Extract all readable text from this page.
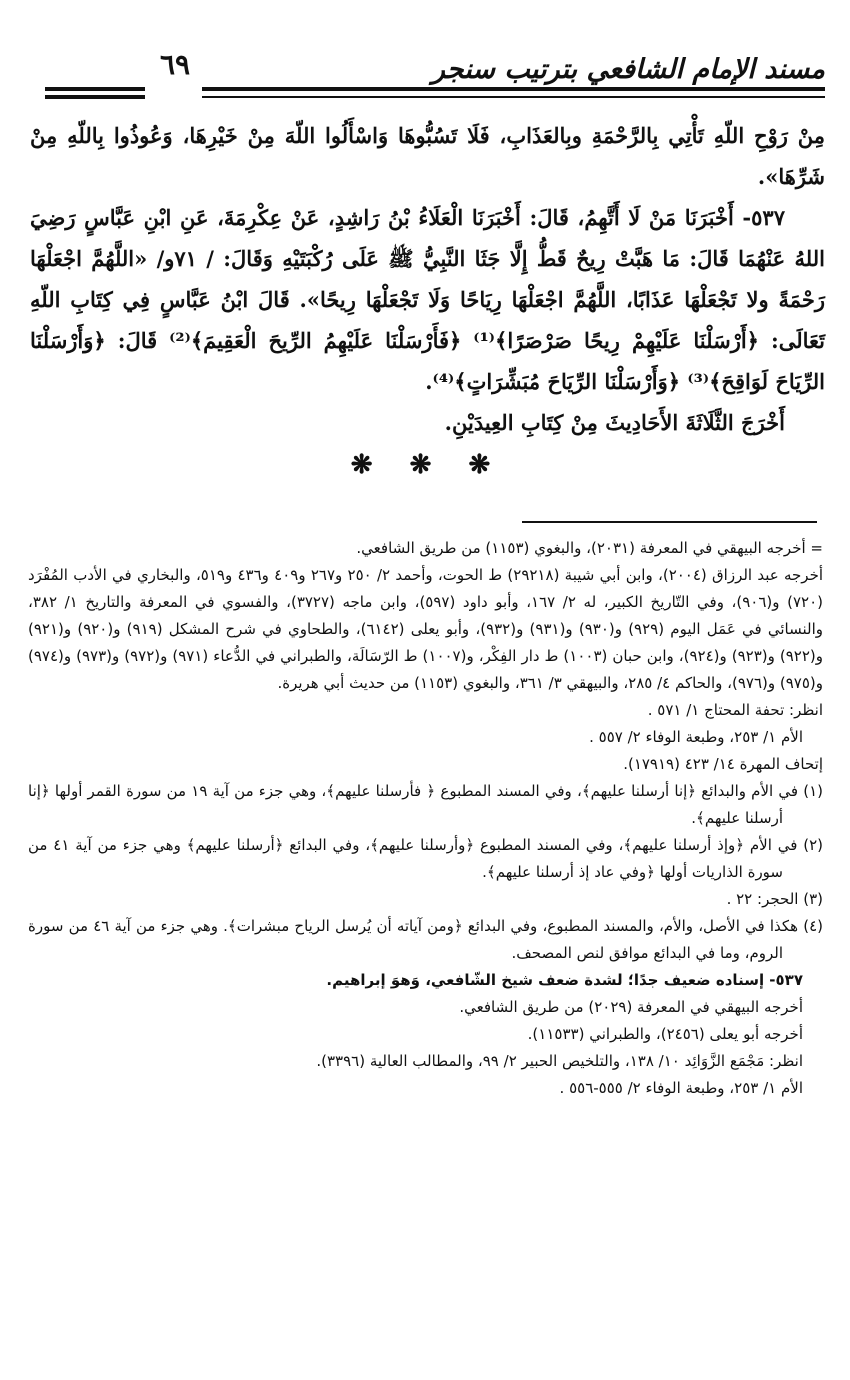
مسند الإمام الشافعي بترتيب سنجر
٦٩

مِنْ رَوْحِ اللّهِ تَأْتِي بِالرَّحْمَةِ وبِالعَذَابِ، فَلَا تَسُبُّوهَا وَاسْأَلُوا اللّهَ مِنْ خَيْرِهَا، وَعُوذُوا بِاللّهِ مِنْ شَرِّهَا».

٥٣٧- أَخْبَرَنَا مَنْ لَا أَتَّهِمُ، قَالَ: أَخْبَرَنَا الْعَلَاءُ بْنُ رَاشِدٍ، عَنْ عِكْرِمَةَ، عَنِ ابْنِ عَبَّاسٍ رَضِيَ اللهُ عَنْهُمَا قَالَ: مَا هَبَّتْ رِيحٌ قَطُّ إِلَّا جَثَا النَّبِيُّ ﷺ عَلَى رُكْبَتَيْهِ وَقَالَ: / ٧١و/ «اللَّهُمَّ اجْعَلْهَا رَحْمَةً ولا تَجْعَلْهَا عَذَابًا، اللَّهُمَّ اجْعَلْهَا رِيَاحًا وَلَا تَجْعَلْهَا رِيحًا». قَالَ ابْنُ عَبَّاسٍ فِي كِتَابِ اللّهِ تَعَالَى: ﴿أَرْسَلْنَا عَلَيْهِمْ رِيحًا صَرْصَرًا﴾⁽¹⁾ ﴿فَأَرْسَلْنَا عَلَيْهِمُ الرِّيحَ الْعَقِيمَ﴾⁽²⁾ قَالَ: ﴿وَأَرْسَلْنَا الرِّيَاحَ لَوَاقِحَ﴾⁽³⁾ ﴿وَأَرْسَلْنَا الرِّيَاحَ مُبَشِّرَاتٍ﴾⁽⁴⁾.

أَخْرَجَ الثَّلَاثَةَ الأَحَادِيثَ مِنْ كِتَابِ العِيدَيْنِ.

❋ ❋ ❋

= أخرجه البيهقي في المعرفة (٢٠٣١)، والبغوي (١١٥٣) من طريق الشافعي.

أخرجه عبد الرزاق (٢٠٠٤)، وابن أبي شيبة (٢٩٢١٨) ط الحوت، وأحمد ٢/ ٢٥٠ و٢٦٧ و٤٠٩ و٤٣٦ و٥١٩، والبخاري في الأدب المُفْرَد (٧٢٠) و(٩٠٦)، وفي التّاريخ الكبير، له ٢/ ١٦٧، وأبو داود (٥٩٧)، وابن ماجه (٣٧٢٧)، والفسوي في المعرفة والتاريخ ١/ ٣٨٢، والنسائي في عَمَل اليوم (٩٢٩) و(٩٣٠) و(٩٣١) و(٩٣٢)، وأبو يعلى (٦١٤٢)، والطحاوي في شرح المشكل (٩١٩) و(٩٢٠) و(٩٢١) و(٩٢٢) و(٩٢٣) و(٩٢٤)، وابن حبان (١٠٠٣) ط دار الفِكْر، و(١٠٠٧) ط الرّسَالَة، والطبراني في الدُّعاء (٩٧١) و(٩٧٢) و(٩٧٣) و(٩٧٤) و(٩٧٥) و(٩٧٦)، والحاكم ٤/ ٢٨٥، والبيهقي ٣/ ٣٦١، والبغوي (١١٥٣) من حديث أبي هريرة.

انظر: تحفة المحتاج ١/ ٥٧١ .

الأم ١/ ٢٥٣، وطبعة الوفاء ٢/ ٥٥٧ .

إتحاف المهرة ١٤/ ٤٢٣ (١٧٩١٩).

(١) في الأم والبدائع ﴿إنا أرسلنا عليهم﴾، وفي المسند المطبوع ﴿ فأرسلنا عليهم﴾، وهي جزء من آية ١٩ من سورة القمر أولها ﴿إنا أرسلنا عليهم﴾.

(٢) في الأم ﴿وإذ أرسلنا عليهم﴾، وفي المسند المطبوع ﴿وأرسلنا عليهم﴾، وفي البدائع ﴿أرسلنا عليهم﴾ وهي جزء من آية ٤١ من سورة الذاريات أولها ﴿وفي عاد إذ أرسلنا عليهم﴾.

(٣) الحجر: ٢٢ .

(٤) هكذا في الأصل، والأم، والمسند المطبوع، وفي البدائع ﴿ومن آياته أن يُرسل الرياح مبشرات﴾. وهي جزء من آية ٤٦ من سورة الروم، وما في البدائع موافق لنص المصحف.

٥٣٧- إسناده ضعيف جدًا؛ لشدة ضعف شيخ الشّافعي، وَهوَ إبراهيم.

أخرجه البيهقي في المعرفة (٢٠٢٩) من طريق الشافعي.

أخرجه أبو يعلى (٢٤٥٦)، والطبراني (١١٥٣٣).

انظر: مَجْمَع الزَّوَائِد ١٠/ ١٣٨، والتلخيص الحبير ٢/ ٩٩، والمطالب العالية (٣٣٩٦).

الأم ١/ ٢٥٣، وطبعة الوفاء ٢/ ٥٥٥-٥٥٦ .
